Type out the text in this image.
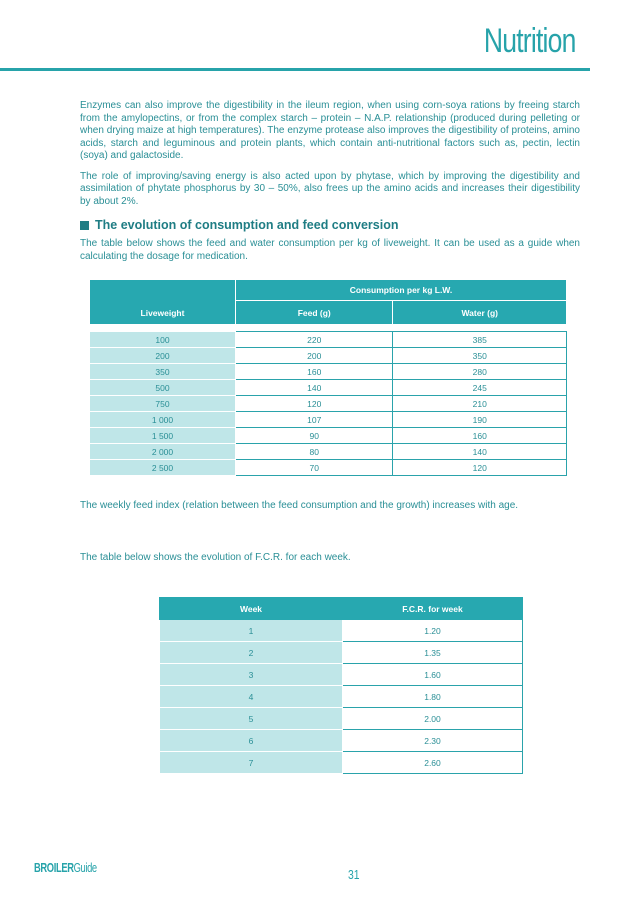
Nutrition

Enzymes can also improve the digestibility in the ileum region, when using corn-soya rations by freeing starch from the amylopectins, or from the complex starch – protein – N.A.P. relationship (produced during pelleting or when drying maize at high temperatures). The enzyme protease also improves the digestibility of proteins, amino acids, starch and leguminous and protein plants, which contain anti-nutritional factors such as, pectin, lectin (soya) and galactoside.

The role of improving/saving energy is also acted upon by phytase, which by improving the digestibility and assimilation of phytate phosphorus by 30 – 50%, also frees up the amino acids and increases their digestibility by about 2%.

The evolution of consumption and feed conversion

The table below shows the feed and water consumption per kg of liveweight. It can be used as a guide when calculating the dosage for medication.

Liveweight	Consumption per kg L.W.	
	Feed (g)	Water (g)

100	220	385
200	200	350
350	160	280
500	140	245
750	120	210
1 000	107	190
1 500	90	160
2 000	80	140
2 500	70	120
The weekly feed index (relation between the feed consumption and the growth) increases with age.
The table below shows the evolution of F.C.R. for each week.
Week	F.C.R. for week
1	1.20
2	1.35
3	1.60
4	1.80
5	2.00
6	2.30
7	2.60
BROILERGuide	31
